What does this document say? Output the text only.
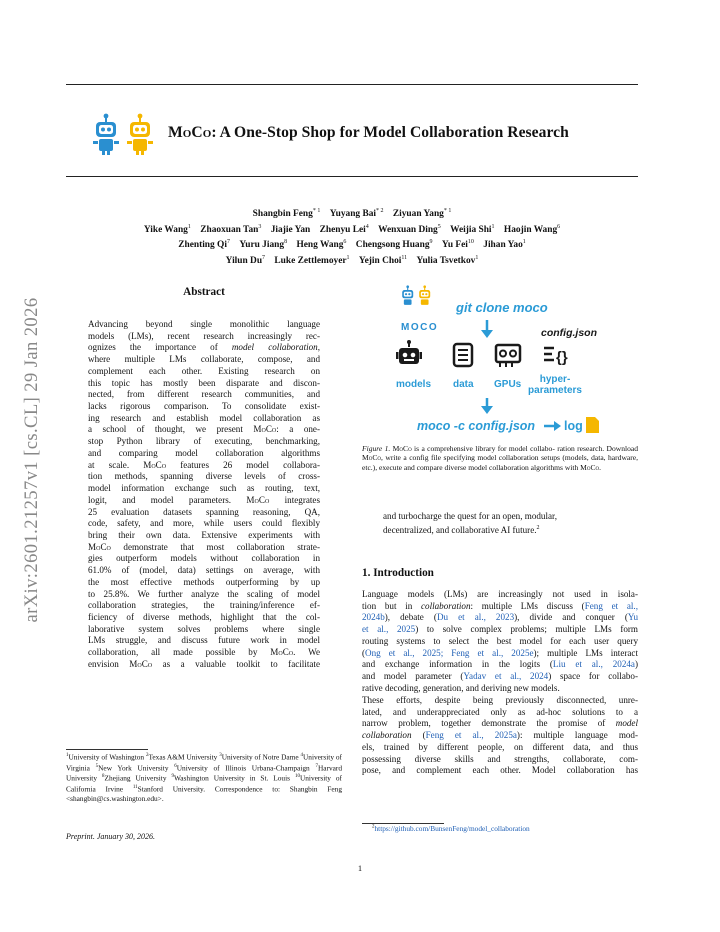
MoCo: A One-Stop Shop for Model Collaboration Research
Shangbin Feng$^{* 1}$  Yuyang Bai$^{* 2}$  Ziyuan Yang$^{* 1}$
Yike Wang$^1$  Zhaoxuan Tan$^3$  Jiajie Yan  Zhenyu Lei$^4$  Wenxuan Ding$^5$  Weijia Shi$^1$  Haojin Wang$^6$
Zhenting Qi$^7$  Yuru Jiang$^8$  Heng Wang$^6$  Chengsong Huang$^9$  Yu Fei$^{10}$  Jihan Yao$^1$
Yilun Du$^7$  Luke Zettlemoyer$^1$  Yejin Choi$^{11}$  Yulia Tsvetkov$^1$
arXiv:2601.21257v1 [cs.CL] 29 Jan 2026
Abstract
Advancing beyond single monolithic language
models (LMs), recent research increasingly rec-
ognizes the importance of model collaboration,
where multiple LMs collaborate, compose, and
complement each other. Existing research on
this topic has mostly been disparate and discon-
nected, from different research communities, and
lacks rigorous comparison. To consolidate exist-
ing research and establish model collaboration as
a school of thought, we present MoCo: a one-
stop Python library of executing, benchmarking,
and comparing model collaboration algorithms
at scale. MoCo features 26 model collabora-
tion methods, spanning diverse levels of cross-
model information exchange such as routing, text,
logit, and model parameters. MoCo integrates
25 evaluation datasets spanning reasoning, QA,
code, safety, and more, while users could flexibly
bring their own data. Extensive experiments with
MoCo demonstrate that most collaboration strate-
gies outperform models without collaboration in
61.0% of (model, data) settings on average, with
the most effective methods outperforming by up
to 25.8%. We further analyze the scaling of model
collaboration strategies, the training/inference ef-
ficiency of diverse methods, highlight that the col-
laborative system solves problems where single
LMs struggle, and discuss future work in model
collaboration, all made possible by MoCo. We
envision MoCo as a valuable toolkit to facilitate
$^1$University of Washington $^2$Texas A&M University $^3$University of Notre Dame $^4$University of Virginia $^5$New York University $^6$University of Illinois Urbana-Champaign $^7$Harvard University $^8$Zhejiang University $^9$Washington University in St. Louis $^{10}$University of California Irvine $^{11}$Stanford University. Correspondence to: Shangbin Feng <shangbin@cs.washington.edu>.
Preprint. January 30, 2026.
MOCO
git clone moco
config.json
{}
models data GPUs hyper-
parameters
moco -c config.json log
Figure 1. MoCo is a comprehensive library for model collabo- ration research. Download MoCo, write a config file specifying model collaboration setups (models, data, hardware, etc.), execute and compare diverse model collaboration algorithms with MoCo.
and turbocharge the quest for an open, modular,
decentralized, and collaborative AI future.$^2$
1. Introduction
Language models (LMs) are increasingly not used in isola-
tion but in collaboration: multiple LMs discuss (Feng et al.,
2024b), debate (Du et al., 2023), divide and conquer (Yu
et al., 2025) to solve complex problems; multiple LMs form
routing systems to select the best model for each user query
(Ong et al., 2025; Feng et al., 2025e); multiple LMs interact
and exchange information in the logits (Liu et al., 2024a)
and model parameter (Yadav et al., 2024) space for collabo-
rative decoding, generation, and deriving new models.
These efforts, despite being previously disconnected, unre-
lated, and underappreciated only as ad-hoc solutions to a
narrow problem, together demonstrate the promise of model
collaboration (Feng et al., 2025a): multiple language mod-
els, trained by different people, on different data, and thus
possessing diverse skills and strengths, collaborate, com-
pose, and complement each other. Model collaboration has
$^2$https://github.com/BunsenFeng/model_collaboration
1
